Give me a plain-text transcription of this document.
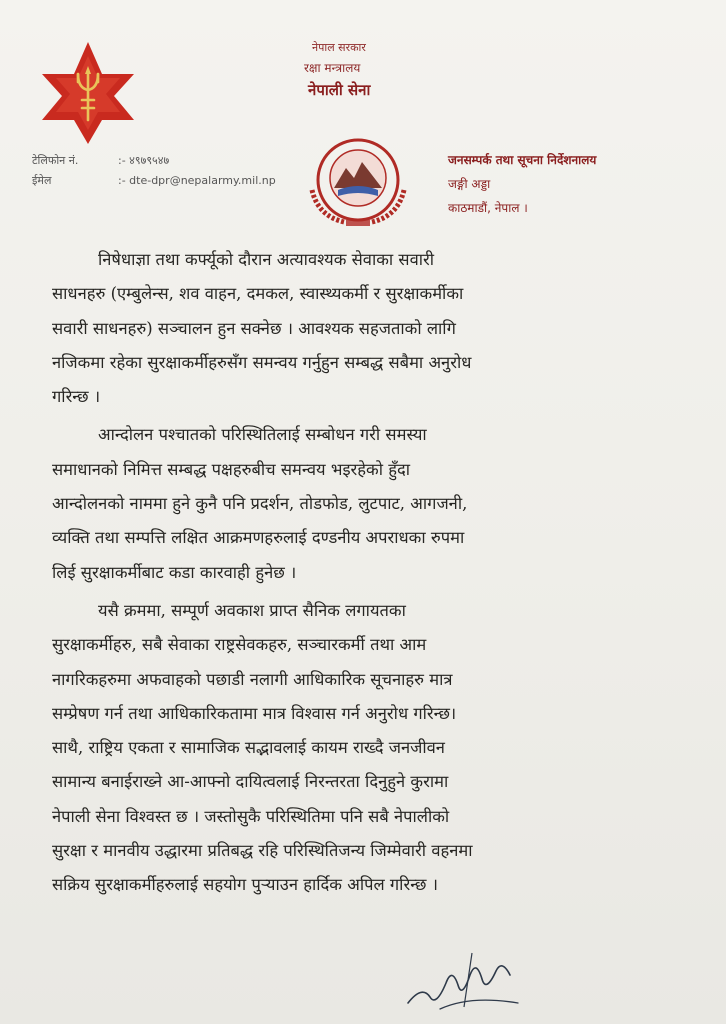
नेपाल सरकार
रक्षा मन्त्रालय
नेपाली सेना
टेलिफोन नं.	:- ४९७९५४७
ईमेल	:- dte-dpr@nepalarmy.mil.np
जनसम्पर्क तथा सूचना निर्देशनालय
जङ्गी अड्डा
काठमाडौं, नेपाल ।
निषेधाज्ञा तथा कर्फ्यूको दौरान अत्यावश्यक सेवाका सवारी
साधनहरु (एम्बुलेन्स, शव वाहन, दमकल, स्वास्थ्यकर्मी र सुरक्षाकर्मीका
सवारी साधनहरु) सञ्चालन हुन सक्नेछ । आवश्यक सहजताको लागि
नजिकमा रहेका सुरक्षाकर्मीहरुसँग समन्वय गर्नुहुन सम्बद्ध सबैमा अनुरोध
गरिन्छ ।
आन्दोलन पश्चातको परिस्थितिलाई सम्बोधन गरी समस्या
समाधानको निमित्त सम्बद्ध पक्षहरुबीच समन्वय भइरहेको हुँदा
आन्दोलनको नाममा हुने कुनै पनि प्रदर्शन, तोडफोड, लुटपाट, आगजनी,
व्यक्ति तथा सम्पत्ति लक्षित आक्रमणहरुलाई दण्डनीय अपराधका रुपमा
लिई सुरक्षाकर्मीबाट कडा कारवाही हुनेछ ।
यसै क्रममा, सम्पूर्ण अवकाश प्राप्त सैनिक लगायतका
सुरक्षाकर्मीहरु, सबै सेवाका राष्ट्रसेवकहरु, सञ्चारकर्मी तथा आम
नागरिकहरुमा अफवाहको पछाडी नलागी आधिकारिक सूचनाहरु मात्र
सम्प्रेषण गर्न तथा आधिकारिकतामा मात्र विश्वास गर्न अनुरोध गरिन्छ।
साथै, राष्ट्रिय एकता र सामाजिक सद्भावलाई कायम राख्दै जनजीवन
सामान्य बनाईराख्ने आ-आफ्नो दायित्वलाई निरन्तरता दिनुहुने कुरामा
नेपाली सेना विश्वस्त छ । जस्तोसुकै परिस्थितिमा पनि सबै नेपालीको
सुरक्षा र मानवीय उद्धारमा प्रतिबद्ध रहि परिस्थितिजन्य जिम्मेवारी वहनमा
सक्रिय सुरक्षाकर्मीहरुलाई सहयोग पुऱ्याउन हार्दिक अपिल गरिन्छ ।
